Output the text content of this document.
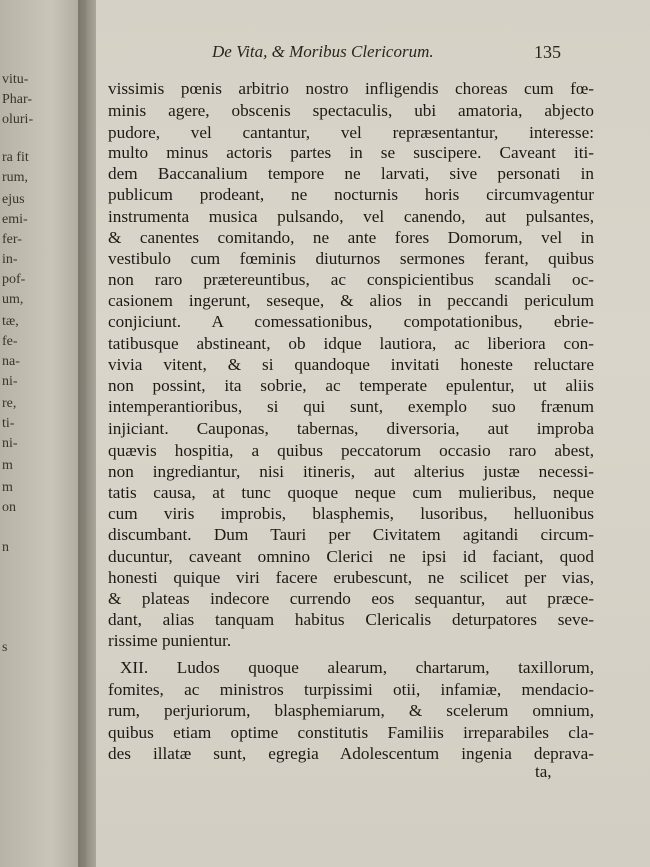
vitu-
Phar-
oluri-
ra fit
rum,
ejus
emi-
fer-
in-
pof-
um,
tæ,
fe-
na-
ni-
re,
ti-
ni-
m
m
on
n
s
De Vita, & Moribus Clericorum.	135
vissimis pœnis arbitrio nostro infligendis choreas cum fœ-
minis agere, obscenis spectaculis, ubi amatoria, abjecto
pudore, vel cantantur, vel repræsentantur, interesse:
multo minus actoris partes in se suscipere. Caveant iti-
dem Baccanalium tempore ne larvati, sive personati in
publicum prodeant, ne nocturnis horis circumvagentur
instrumenta musica pulsando, vel canendo, aut pulsantes,
& canentes comitando, ne ante fores Domorum, vel in
vestibulo cum fœminis diuturnos sermones ferant, quibus
non raro prætereuntibus, ac conspicientibus scandali oc-
casionem ingerunt, seseque, & alios in peccandi periculum
conjiciunt. A comessationibus, compotationibus, ebrie-
tatibusque abstineant, ob idque lautiora, ac liberiora con-
vivia vitent, & si quandoque invitati honeste reluctare
non possint, ita sobrie, ac temperate epulentur, ut aliis
intemperantioribus, si qui sunt, exemplo suo frænum
injiciant. Cauponas, tabernas, diversoria, aut improba
quævis hospitia, a quibus peccatorum occasio raro abest,
non ingrediantur, nisi itineris, aut alterius justæ necessi-
tatis causa, at tunc quoque neque cum mulieribus, neque
cum viris improbis, blasphemis, lusoribus, helluonibus
discumbant. Dum Tauri per Civitatem agitandi circum-
ducuntur, caveant omnino Clerici ne ipsi id faciant, quod
honesti quique viri facere erubescunt, ne scilicet per vias,
& plateas indecore currendo eos sequantur, aut præce-
dant, alias tanquam habitus Clericalis deturpatores seve-
rissime punientur.
XII. Ludos quoque alearum, chartarum, taxillorum,
fomites, ac ministros turpissimi otii, infamiæ, mendacio-
rum, perjuriorum, blasphemiarum, & scelerum omnium,
quibus etiam optime constitutis Familiis irreparabiles cla-
des illatæ sunt, egregia Adolescentum ingenia deprava-
ta,
